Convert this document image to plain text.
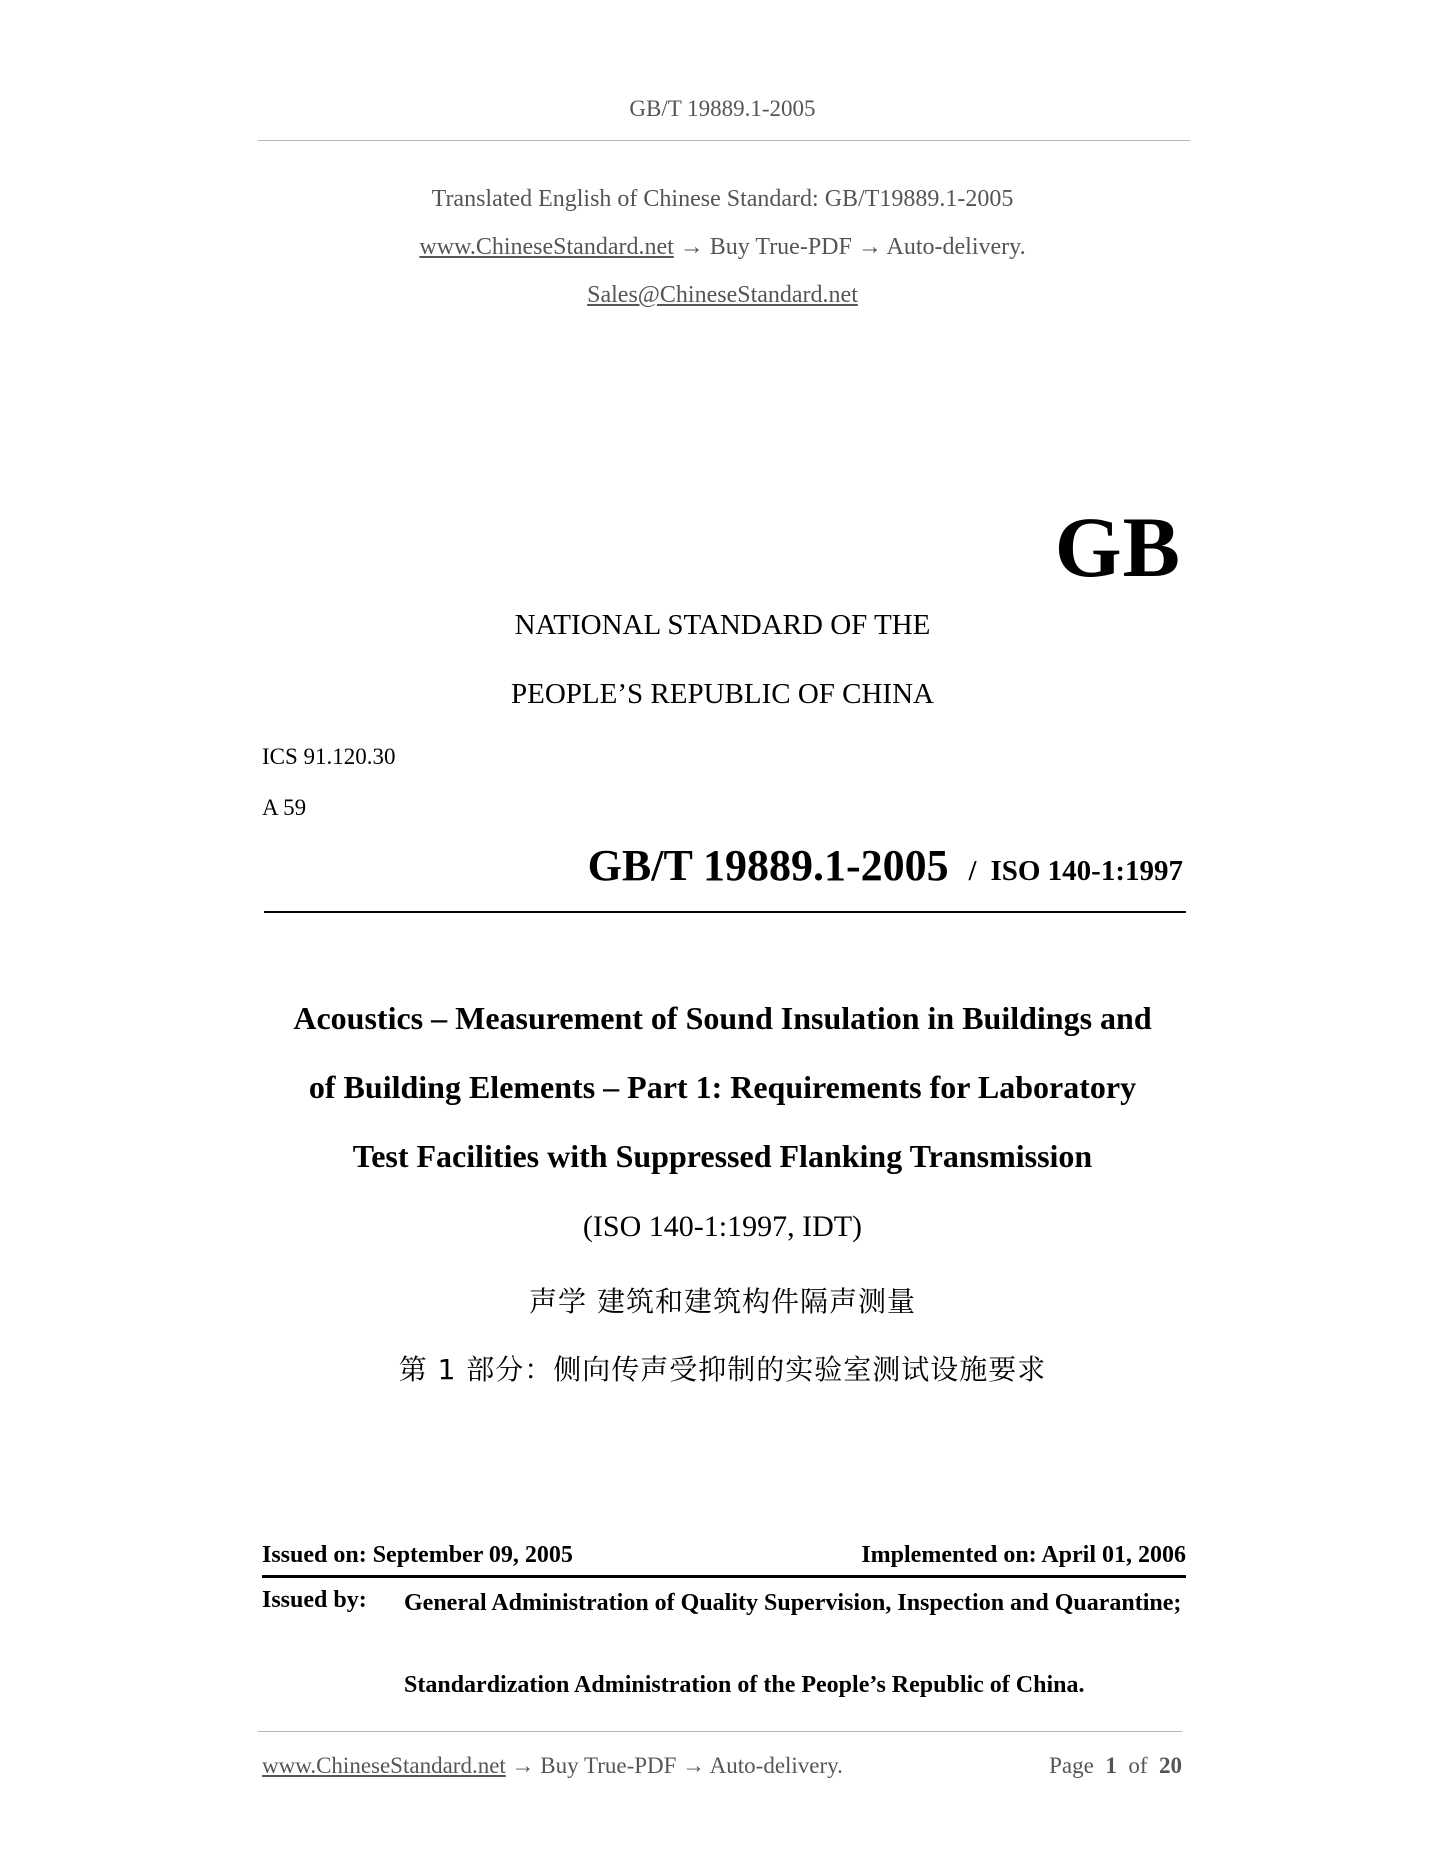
GB/T 19889.1-2005
Translated English of Chinese Standard: GB/T19889.1-2005
www.ChineseStandard.net → Buy True-PDF → Auto-delivery.
Sales@ChineseStandard.net
GB
NATIONAL STANDARD OF THE
PEOPLE’S REPUBLIC OF CHINA
ICS 91.120.30
A 59
GB/T 19889.1-2005 / ISO 140-1:1997
Acoustics – Measurement of Sound Insulation in Buildings and
of Building Elements – Part 1: Requirements for Laboratory
Test Facilities with Suppressed Flanking Transmission
(ISO 140-1:1997, IDT)
声学 建筑和建筑构件隔声测量
第 1 部分：侧向传声受抑制的实验室测试设施要求
Issued on: September 09, 2005	Implemented on: April 01, 2006
Issued by: General Administration of Quality Supervision, Inspection and Quarantine;
Standardization Administration of the People’s Republic of China.
www.ChineseStandard.net → Buy True-PDF → Auto-delivery.	Page 1 of 20
